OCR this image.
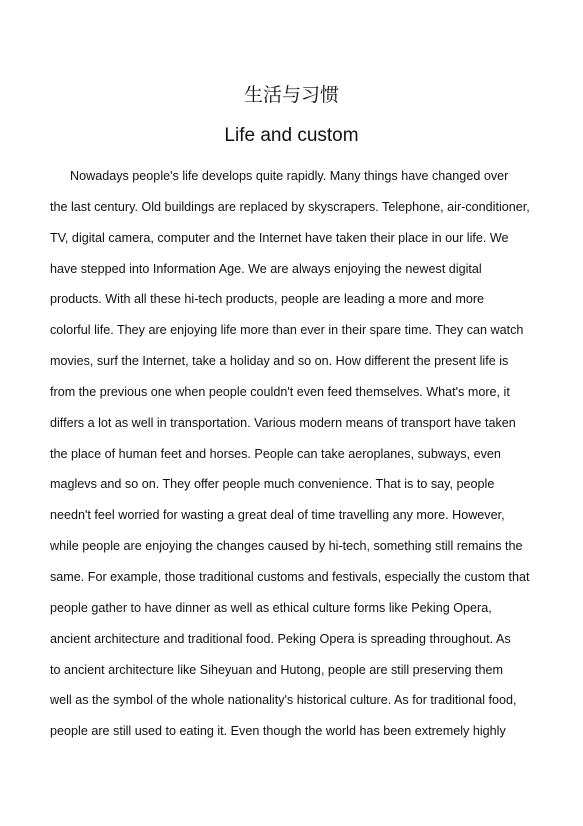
生活与习惯
Life and custom
Nowadays people's life develops quite rapidly. Many things have changed over
the last century. Old buildings are replaced by skyscrapers. Telephone, air-conditioner,
TV, digital camera, computer and the Internet have taken their place in our life. We
have stepped into Information Age. We are always enjoying the newest digital
products. With all these hi-tech products, people are leading a more and more
colorful life. They are enjoying life more than ever in their spare time. They can watch
movies, surf the Internet, take a holiday and so on. How different the present life is
from the previous one when people couldn't even feed themselves. What's more, it
differs a lot as well in transportation. Various modern means of transport have taken
the place of human feet and horses. People can take aeroplanes, subways, even
maglevs and so on. They offer people much convenience. That is to say, people
needn't feel worried for wasting a great deal of time travelling any more. However,
while people are enjoying the changes caused by hi-tech, something still remains the
same. For example, those traditional customs and festivals, especially the custom that
people gather to have dinner as well as ethical culture forms like Peking Opera,
ancient architecture and traditional food. Peking Opera is spreading throughout. As
to ancient architecture like Siheyuan and Hutong, people are still preserving them
well as the symbol of the whole nationality's historical culture. As for traditional food,
people are still used to eating it. Even though the world has been extremely highly
